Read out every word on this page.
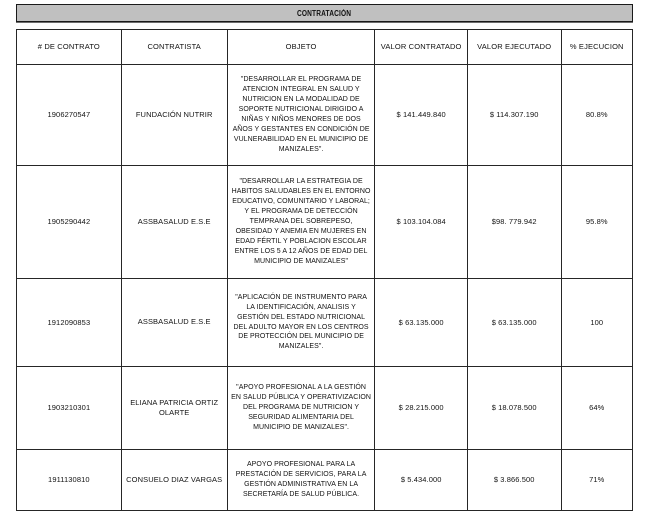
CONTRATACIÓN
# DE CONTRATO	CONTRATISTA	OBJETO	VALOR CONTRATADO	VALOR EJECUTADO	% EJECUCION
1906270547	FUNDACIÓN NUTRIR	"DESARROLLAR EL PROGRAMA DE ATENCION INTEGRAL EN SALUD Y NUTRICION EN LA MODALIDAD DE SOPORTE NUTRICIONAL DIRIGIDO A NIÑAS Y NIÑOS MENORES DE DOS AÑOS Y GESTANTES EN CONDICIÓN DE VULNERABILIDAD EN EL MUNICIPIO DE MANIZALES".	$ 141.449.840	$ 114.307.190	80.8%
1905290442	ASSBASALUD E.S.E	"DESARROLLAR LA ESTRATEGIA DE HABITOS SALUDABLES EN EL ENTORNO EDUCATIVO, COMUNITARIO Y LABORAL; Y EL PROGRAMA DE DETECCIÓN TEMPRANA DEL SOBREPESO, OBESIDAD Y ANEMIA EN MUJERES EN EDAD FÉRTIL Y POBLACION ESCOLAR ENTRE LOS 5 A 12 AÑOS DE EDAD DEL MUNICIPIO DE MANIZALES"	$ 103.104.084	$98. 779.942	95.8%
1912090853	ASSBASALUD E.S.E	"APLICACIÓN DE INSTRUMENTO PARA LA IDENTIFICACIÓN, ANALISIS Y GESTIÓN DEL ESTADO NUTRICIONAL DEL ADULTO MAYOR EN LOS CENTROS DE PROTECCIÓN DEL MUNICIPIO DE MANIZALES".	$ 63.135.000	$ 63.135.000	100
1903210301	ELIANA PATRICIA ORTIZ OLARTE	"APOYO PROFESIONAL A LA GESTIÓN EN SALUD PÚBLICA Y OPERATIVIZACION DEL PROGRAMA DE NUTRICION Y SEGURIDAD ALIMENTARIA DEL MUNICIPIO DE MANIZALES".	$ 28.215.000	$ 18.078.500	64%
1911130810	CONSUELO DIAZ VARGAS	APOYO PROFESIONAL PARA LA PRESTACIÓN DE SERVICIOS, PARA LA GESTIÓN ADMINISTRATIVA EN LA SECRETARÍA DE SALUD PÚBLICA.	$ 5.434.000	$ 3.866.500	71%
